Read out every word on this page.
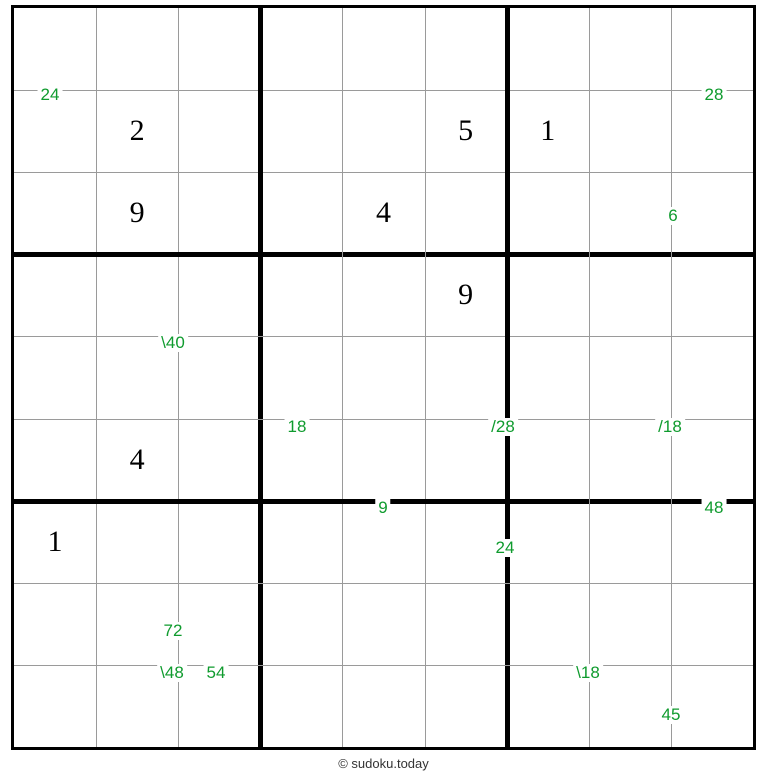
2	5	1
9	4
9
4
1
24	28
6
\40
18	/28	/18
9	48
24
72
\48 54	\18
45
© sudoku.today
